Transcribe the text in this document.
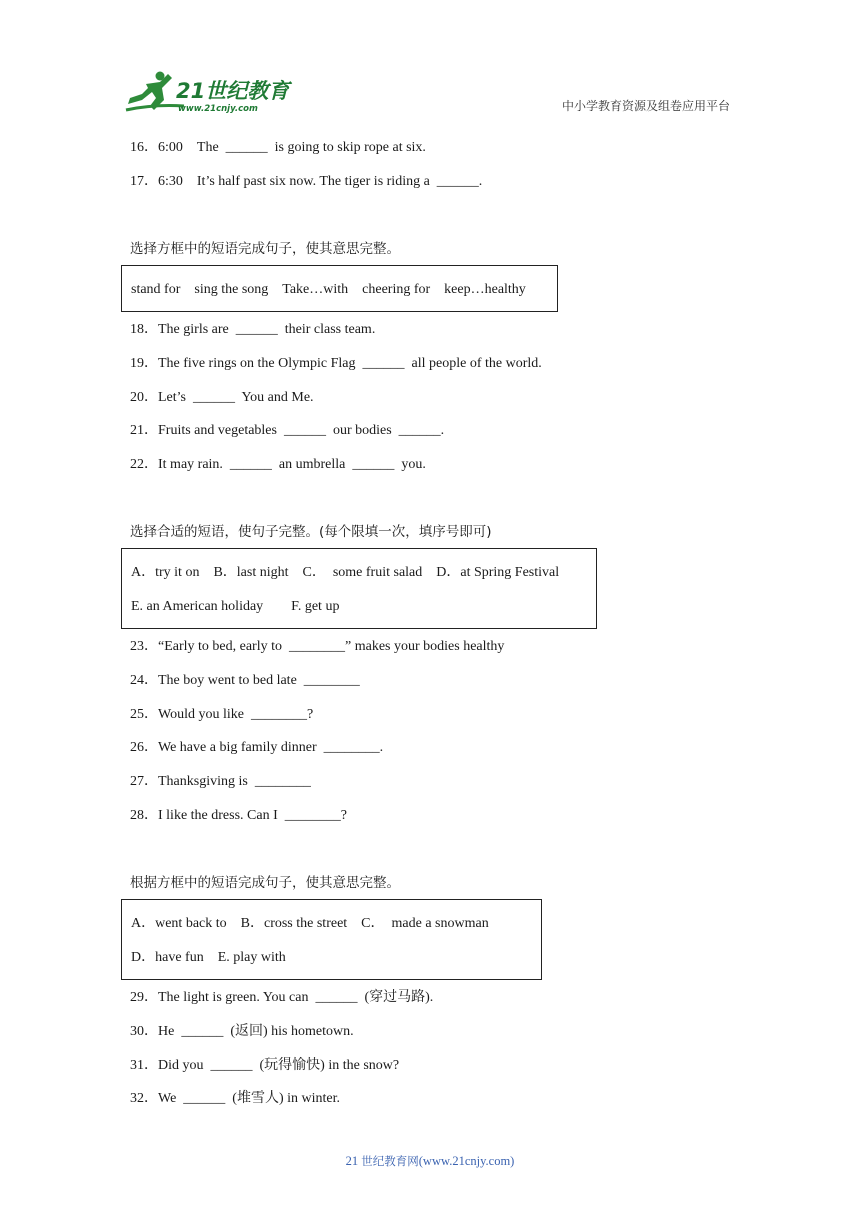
21世纪教育
www.21cnjy.com	中小学教育资源及组卷应用平台
16．6:00　The  ______  is going to skip rope at six.
17．6:30　It’s half past six now. The tiger is riding a  ______.
选择方框中的短语完成句子，使其意思完整。
stand for　sing the song　Take…with　cheering for　keep…healthy
18．The girls are  ______  their class team.
19．The five rings on the Olympic Flag  ______  all people of the world.
20．Let’s  ______  You and Me.
21．Fruits and vegetables  ______  our bodies  ______.
22．It may rain.  ______  an umbrella  ______  you.
选择合适的短语，使句子完整。(每个限填一次，填序号即可)
A．try it on　B．last night　C．　some fruit salad　D．at Spring Festival
E. an American holiday　　F. get up
23．“Early to bed, early to  ________” makes your bodies healthy
24．The boy went to bed late  ________
25．Would you like  ________?
26．We have a big family dinner  ________.
27．Thanksgiving is  ________
28．I like the dress. Can I  ________?
根据方框中的短语完成句子，使其意思完整。
A．went back to　B．cross the street　C．　made a snowman
D．have fun　E. play with
29．The light is green. You can  ______  (穿过马路).
30．He  ______  (返回) his hometown.
31．Did you  ______  (玩得愉快) in the snow?
32．We  ______  (堆雪人) in winter.
21 世纪教育网(www.21cnjy.com)
